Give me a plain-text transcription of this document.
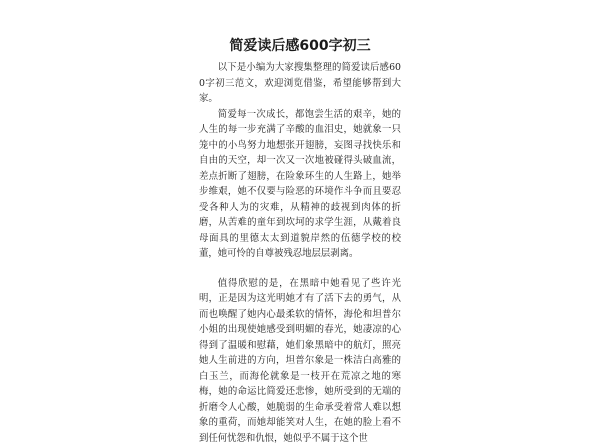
简爱读后感600字初三

以下是小编为大家搜集整理的简爱读后感600字初三范文，欢迎浏览借鉴，希望能够帮到大家。

简爱每一次成长，都饱尝生活的艰辛，她的人生的每一步充满了辛酸的血泪史，她就象一只笼中的小鸟努力地想张开翅膀，妄图寻找快乐和自由的天空，却一次又一次地被碰得头破血流，差点折断了翅膀，在险象环生的人生路上，她举步维艰，她不仅要与险恶的环境作斗争而且要忍受各种人为的灾难，从精神的歧视到肉体的折磨，从苦难的童年到坎坷的求学生涯，从戴着良母面具的里德太太到道貌岸然的伍德学校的校董，她可怜的自尊被残忍地层层剥离。

值得欣慰的是，在黑暗中她看见了些许光明，正是因为这光明她才有了活下去的勇气，从而也唤醒了她内心最柔软的情怀，海伦和坦普尔小姐的出现使她感受到明媚的春光，她凄凉的心得到了温暖和慰藉，她们象黑暗中的航灯，照亮她人生前进的方向，坦普尔象是一株洁白高雅的白玉兰，而海伦就象是一枝开在荒凉之地的寒梅，她的命运比简爱还悲惨，她所受到的无端的折磨令人心酸，她脆弱的生命承受着常人难以想象的重荷，而她却能笑对人生，在她的脸上看不到任何忧怨和仇恨，她似乎不属于这个世
